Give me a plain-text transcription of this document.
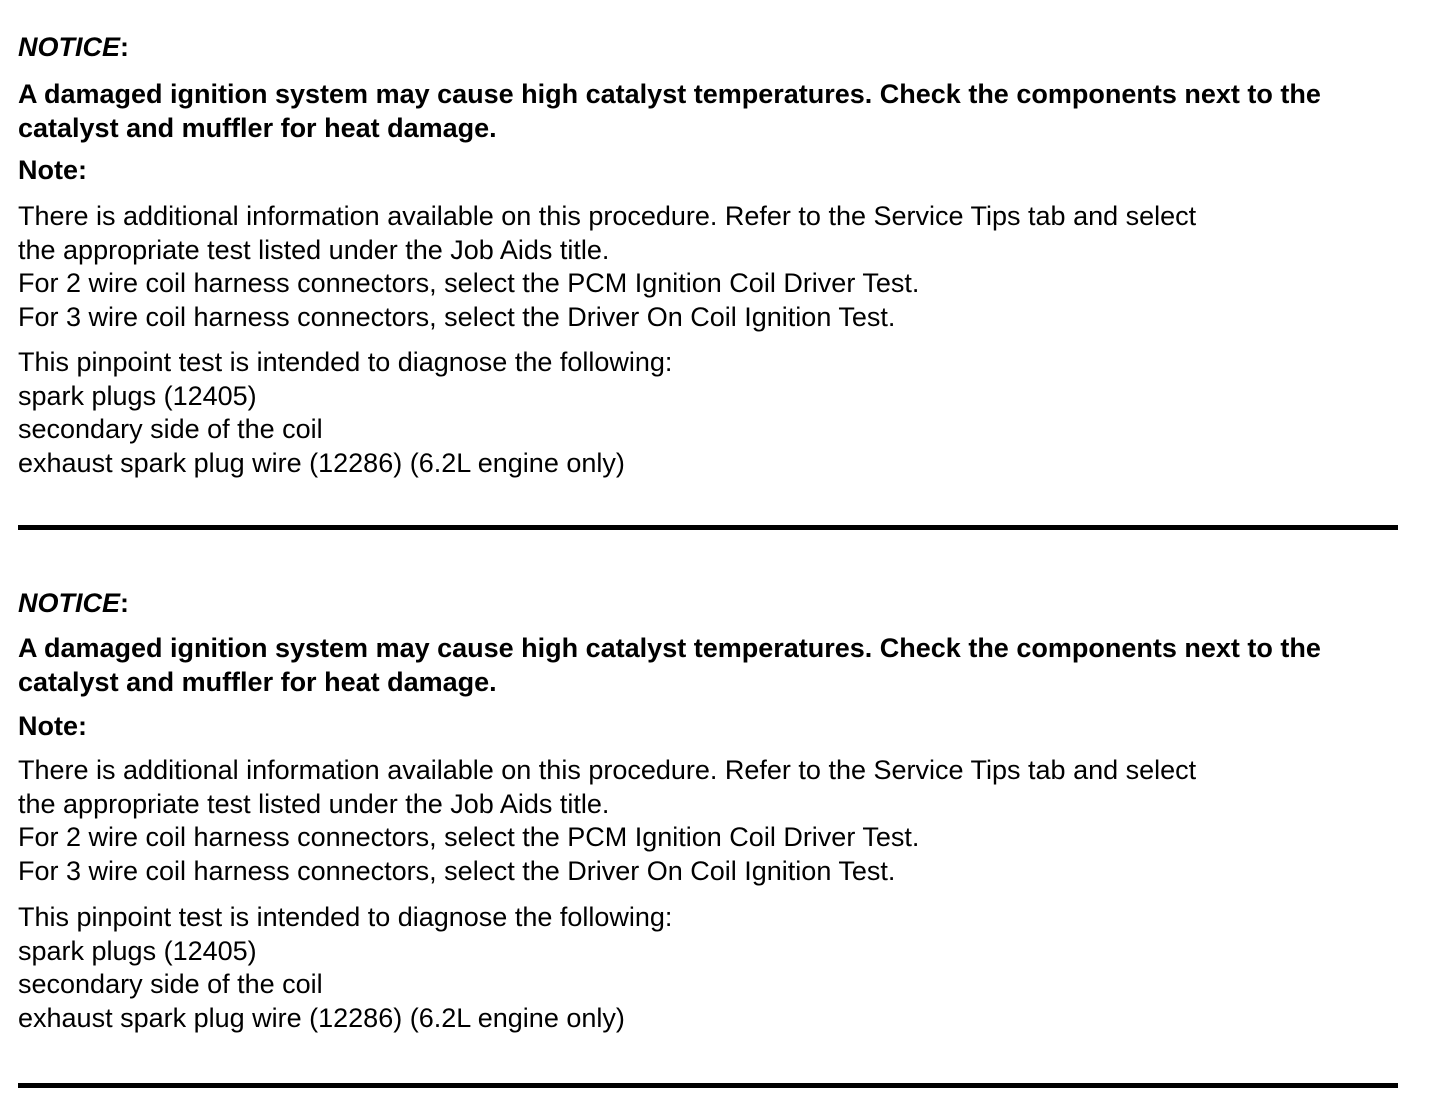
NOTICE:
A damaged ignition system may cause high catalyst temperatures. Check the components next to the catalyst and muffler for heat damage.
Note:
There is additional information available on this procedure. Refer to the Service Tips tab and select
the appropriate test listed under the Job Aids title.
For 2 wire coil harness connectors, select the PCM Ignition Coil Driver Test.
For 3 wire coil harness connectors, select the Driver On Coil Ignition Test.
This pinpoint test is intended to diagnose the following:
spark plugs (12405)
secondary side of the coil
exhaust spark plug wire (12286) (6.2L engine only)
NOTICE:
A damaged ignition system may cause high catalyst temperatures. Check the components next to the catalyst and muffler for heat damage.
Note:
There is additional information available on this procedure. Refer to the Service Tips tab and select
the appropriate test listed under the Job Aids title.
For 2 wire coil harness connectors, select the PCM Ignition Coil Driver Test.
For 3 wire coil harness connectors, select the Driver On Coil Ignition Test.
This pinpoint test is intended to diagnose the following:
spark plugs (12405)
secondary side of the coil
exhaust spark plug wire (12286) (6.2L engine only)
